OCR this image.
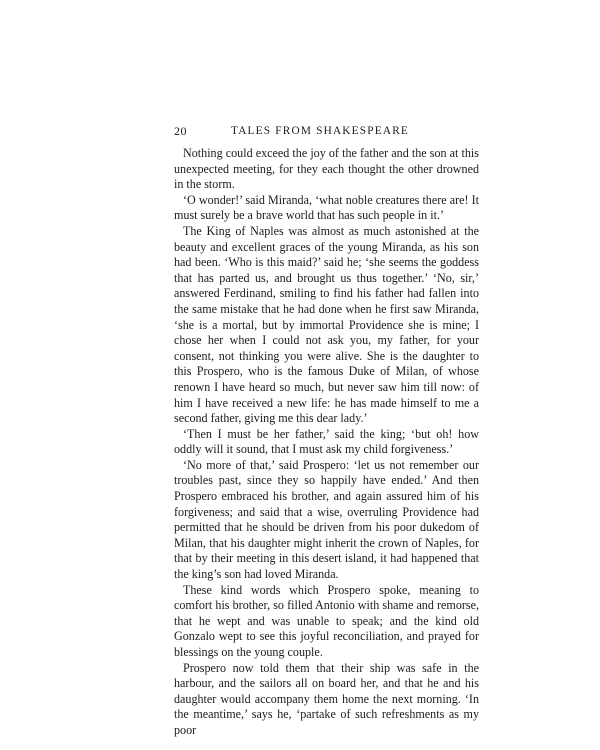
20	TALES FROM SHAKESPEARE

Nothing could exceed the joy of the father and the son at this unexpected meeting, for they each thought the other drowned in the storm.

‘O wonder!’ said Miranda, ‘what noble creatures there are! It must surely be a brave world that has such people in it.’

The King of Naples was almost as much astonished at the beauty and excellent graces of the young Miranda, as his son had been. ‘Who is this maid?’ said he; ‘she seems the goddess that has parted us, and brought us thus together.’ ‘No, sir,’ answered Ferdinand, smiling to find his father had fallen into the same mistake that he had done when he first saw Miranda, ‘she is a mortal, but by immortal Providence she is mine; I chose her when I could not ask you, my father, for your consent, not thinking you were alive. She is the daughter to this Prospero, who is the famous Duke of Milan, of whose renown I have heard so much, but never saw him till now: of him I have received a new life: he has made himself to me a second father, giving me this dear lady.’

‘Then I must be her father,’ said the king; ‘but oh! how oddly will it sound, that I must ask my child forgiveness.’

‘No more of that,’ said Prospero: ‘let us not remember our troubles past, since they so happily have ended.’ And then Prospero embraced his brother, and again assured him of his forgiveness; and said that a wise, overruling Providence had permitted that he should be driven from his poor dukedom of Milan, that his daughter might inherit the crown of Naples, for that by their meeting in this desert island, it had happened that the king’s son had loved Miranda.

These kind words which Prospero spoke, meaning to comfort his brother, so filled Antonio with shame and remorse, that he wept and was unable to speak; and the kind old Gonzalo wept to see this joyful reconciliation, and prayed for blessings on the young couple.

Prospero now told them that their ship was safe in the harbour, and the sailors all on board her, and that he and his daughter would accompany them home the next morning. ‘In the meantime,’ says he, ‘partake of such refreshments as my poor
